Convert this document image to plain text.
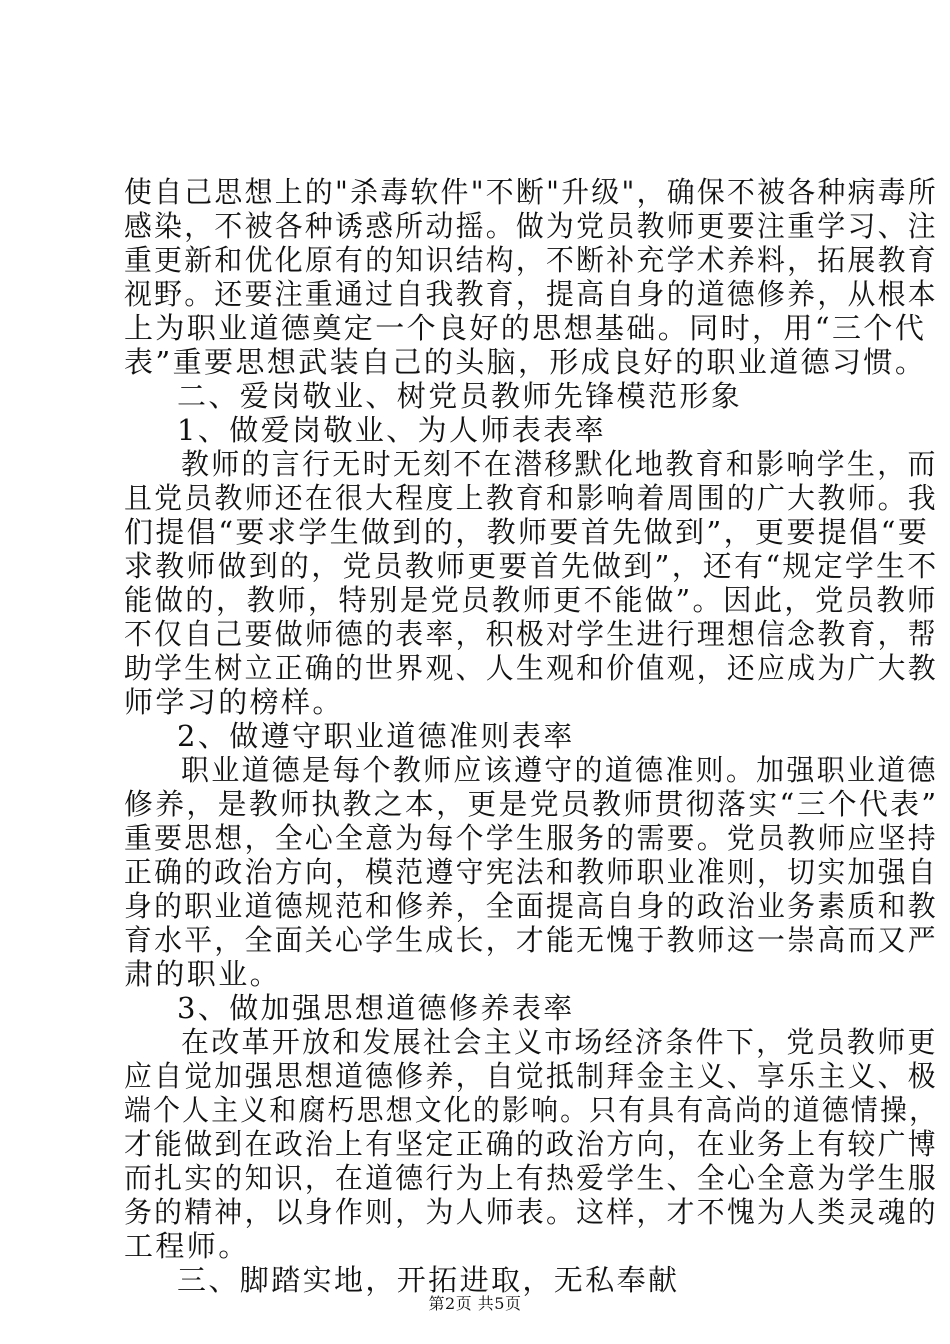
使自己思想上的"杀毒软件"不断"升级"，确保不被各种病毒所
感染，不被各种诱惑所动摇。做为党员教师更要注重学习、注
重更新和优化原有的知识结构，不断补充学术养料，拓展教育
视野。还要注重通过自我教育，提高自身的道德修养，从根本
上为职业道德奠定一个良好的思想基础。同时，用“三个代
表”重要思想武装自己的头脑，形成良好的职业道德习惯。
二、爱岗敬业、树党员教师先锋模范形象
1、做爱岗敬业、为人师表表率
教师的言行无时无刻不在潜移默化地教育和影响学生，而
且党员教师还在很大程度上教育和影响着周围的广大教师。我
们提倡“要求学生做到的，教师要首先做到”，更要提倡“要
求教师做到的，党员教师更要首先做到”，还有“规定学生不
能做的，教师，特别是党员教师更不能做”。因此，党员教师
不仅自己要做师德的表率，积极对学生进行理想信念教育，帮
助学生树立正确的世界观、人生观和价值观，还应成为广大教
师学习的榜样。
2、做遵守职业道德准则表率
职业道德是每个教师应该遵守的道德准则。加强职业道德
修养，是教师执教之本，更是党员教师贯彻落实“三个代表”
重要思想，全心全意为每个学生服务的需要。党员教师应坚持
正确的政治方向，模范遵守宪法和教师职业准则，切实加强自
身的职业道德规范和修养，全面提高自身的政治业务素质和教
育水平，全面关心学生成长，才能无愧于教师这一崇高而又严
肃的职业。
3、做加强思想道德修养表率
在改革开放和发展社会主义市场经济条件下，党员教师更
应自觉加强思想道德修养，自觉抵制拜金主义、享乐主义、极
端个人主义和腐朽思想文化的影响。只有具有高尚的道德情操，
才能做到在政治上有坚定正确的政治方向，在业务上有较广博
而扎实的知识，在道德行为上有热爱学生、全心全意为学生服
务的精神，以身作则，为人师表。这样，才不愧为人类灵魂的
工程师。
三、脚踏实地，开拓进取，无私奉献
第2页 共5页
